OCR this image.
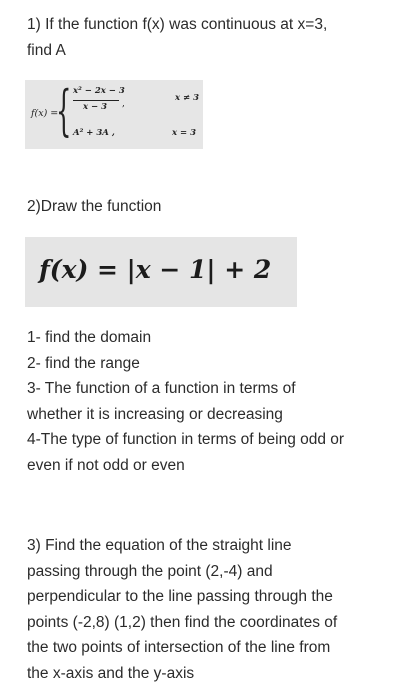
1) If the function f(x) was continuous at x=3,
find A
f(x) =
{ x² − 2x − 3
x − 3 ,
x ≠ 3
A² + 3A ,	x = 3
2)Draw the function
f(x) = |x − 1| + 2
1- find the domain
2- find the range
3- The function of a function in terms of
whether it is increasing or decreasing
4-The type of function in terms of being odd or
even if not odd or even
3) Find the equation of the straight line
passing through the point (2,-4) and
perpendicular to the line passing through the
points (-2,8) (1,2) then find the coordinates of
the two points of intersection of the line from
the x-axis and the y-axis
